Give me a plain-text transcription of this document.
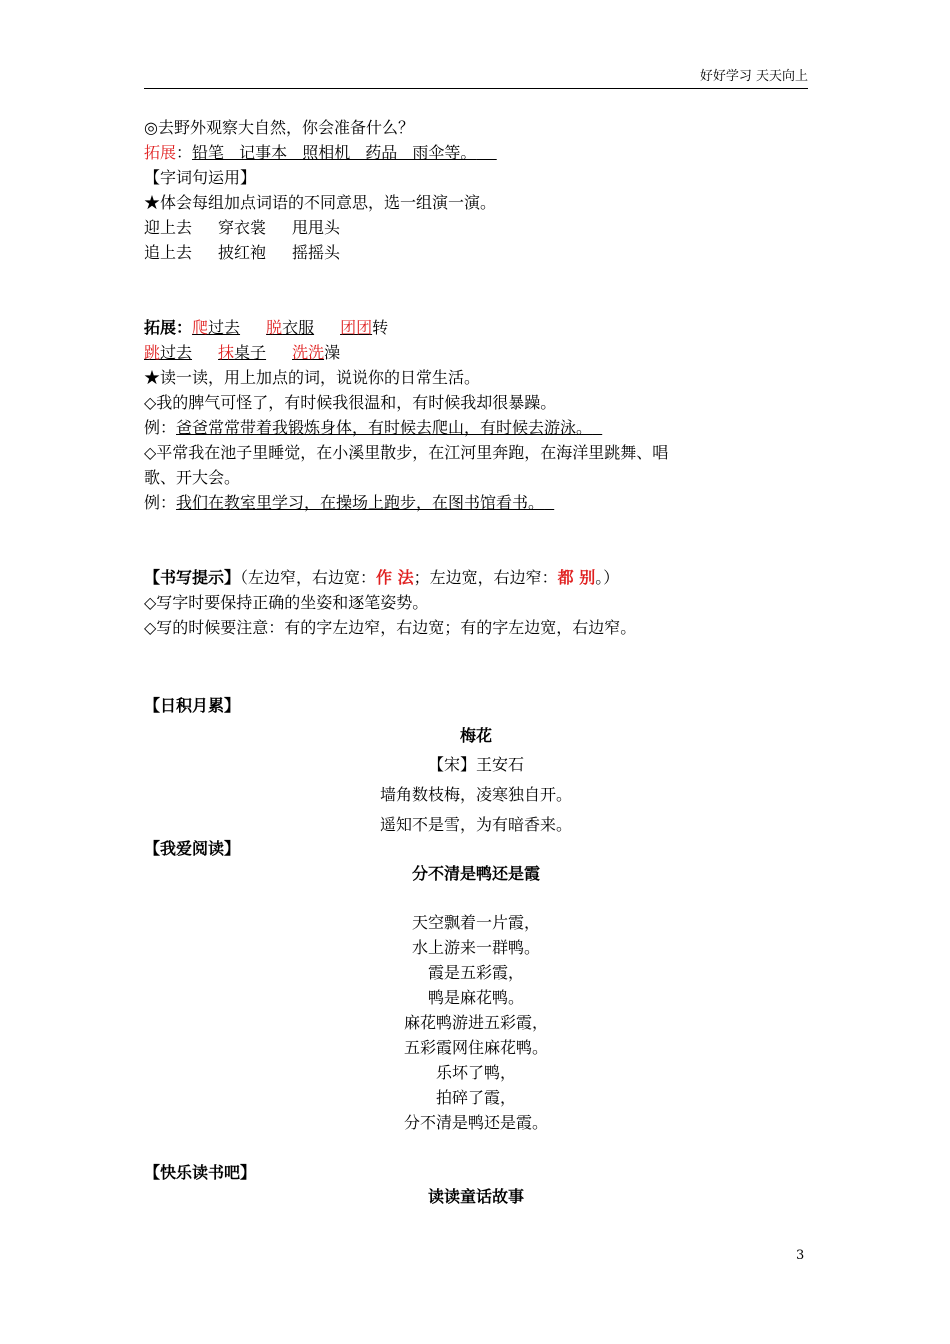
好好学习 天天向上
◎去野外观察大自然，你会准备什么？
拓展：铅笔 记事本 照相机 药品 雨伞等。
【字词句运用】
★体会每组加点词语的不同意思，选一组演一演。
迎上去 穿衣裳 甩甩头
追上去 披红袍 摇摇头
拓展：爬过去 脱衣服 团团转
跳过去 抹桌子 洗洗澡
★读一读，用上加点的词，说说你的日常生活。
◇我的脾气可怪了，有时候我很温和，有时候我却很暴躁。
例：爸爸常常带着我锻炼身体，有时候去爬山，有时候去游泳。
◇平常我在池子里睡觉，在小溪里散步，在江河里奔跑，在海洋里跳舞、唱
歌、开大会。
例：我们在教室里学习，在操场上跑步，在图书馆看书。
【书写提示】（左边窄，右边宽：作 法；左边宽，右边窄：都 别。）
◇写字时要保持正确的坐姿和逐笔姿势。
◇写的时候要注意：有的字左边窄，右边宽；有的字左边宽，右边窄。
【日积月累】
梅花
【宋】王安石
墙角数枝梅，凌寒独自开。
遥知不是雪，为有暗香来。
【我爱阅读】
分不清是鸭还是霞
天空飘着一片霞，
水上游来一群鸭。
霞是五彩霞，
鸭是麻花鸭。
麻花鸭游进五彩霞，
五彩霞网住麻花鸭。
乐坏了鸭，
拍碎了霞，
分不清是鸭还是霞。
【快乐读书吧】
读读童话故事
3
